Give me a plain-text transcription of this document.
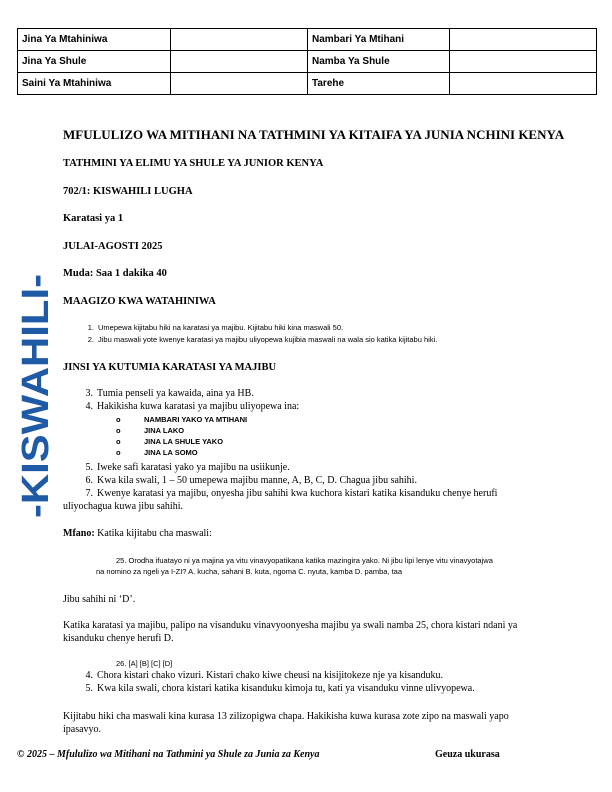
Jina Ya Mtahiniwa		Nambari Ya Mtihani	
Jina Ya Shule		Namba Ya Shule	
Saini Ya Mtahiniwa		Tarehe	
-KISWAHILI-
MFULULIZO WA MITIHANI NA TATHMINI YA KITAIFA YA JUNIA NCHINI KENYA
TATHMINI YA ELIMU YA SHULE YA JUNIOR KENYA
702/1: KISWAHILI LUGHA
Karatasi ya 1
JULAI-AGOSTI 2025
Muda: Saa 1 dakika 40
MAAGIZO KWA WATAHINIWA
1. Umepewa kijitabu hiki na karatasi ya majibu. Kijitabu hiki kina maswali 50.
2. Jibu maswali yote kwenye karatasi ya majibu uliyopewa kujibia maswali na wala sio katika kijitabu hiki.
JINSI YA KUTUMIA KARATASI YA MAJIBU
3. Tumia penseli ya kawaida, aina ya HB.
4. Hakikisha kuwa karatasi ya majibu uliyopewa ina:
o	NAMBARI YAKO YA MTIHANI
o	JINA LAKO
o	JINA LA SHULE YAKO
o	JINA LA SOMO
5. Iweke safi karatasi yako ya majibu na usiikunje.
6. Kwa kila swali, 1 – 50 umepewa majibu manne, A, B, C, D. Chagua jibu sahihi.
7. Kwenye karatasi ya majibu, onyesha jibu sahihi kwa kuchora kistari katika kisanduku chenye herufi
uliyochagua kuwa jibu sahihi.
Mfano: Katika kijitabu cha maswali:
25. Orodha ifuatayo ni ya majina ya vitu vinavyopatikana katika mazingira yako. Ni jibu lipi lenye vitu vinavyotajwa
na nomino za ngeli ya I-ZI? A. kucha, sahani B. kuta, ngoma C. nyuta, kamba D. pamba, taa
Jibu sahihi ni ‘D’.
Katika karatasi ya majibu, palipo na visanduku vinavyoonyesha majibu ya swali namba 25, chora kistari ndani ya
kisanduku chenye herufi D.
26. [A] [B] [C] [D]
4. Chora kistari chako vizuri. Kistari chako kiwe cheusi na kisijitokeze nje ya kisanduku.
5. Kwa kila swali, chora kistari katika kisanduku kimoja tu, kati ya visanduku vinne ulivyopewa.
Kijitabu hiki cha maswali kina kurasa 13 zilizopigwa chapa. Hakikisha kuwa kurasa zote zipo na maswali yapo
ipasavyo.
© 2025 – Mfululizo wa Mitihani na Tathmini ya Shule za Junia za Kenya	Geuza ukurasa
